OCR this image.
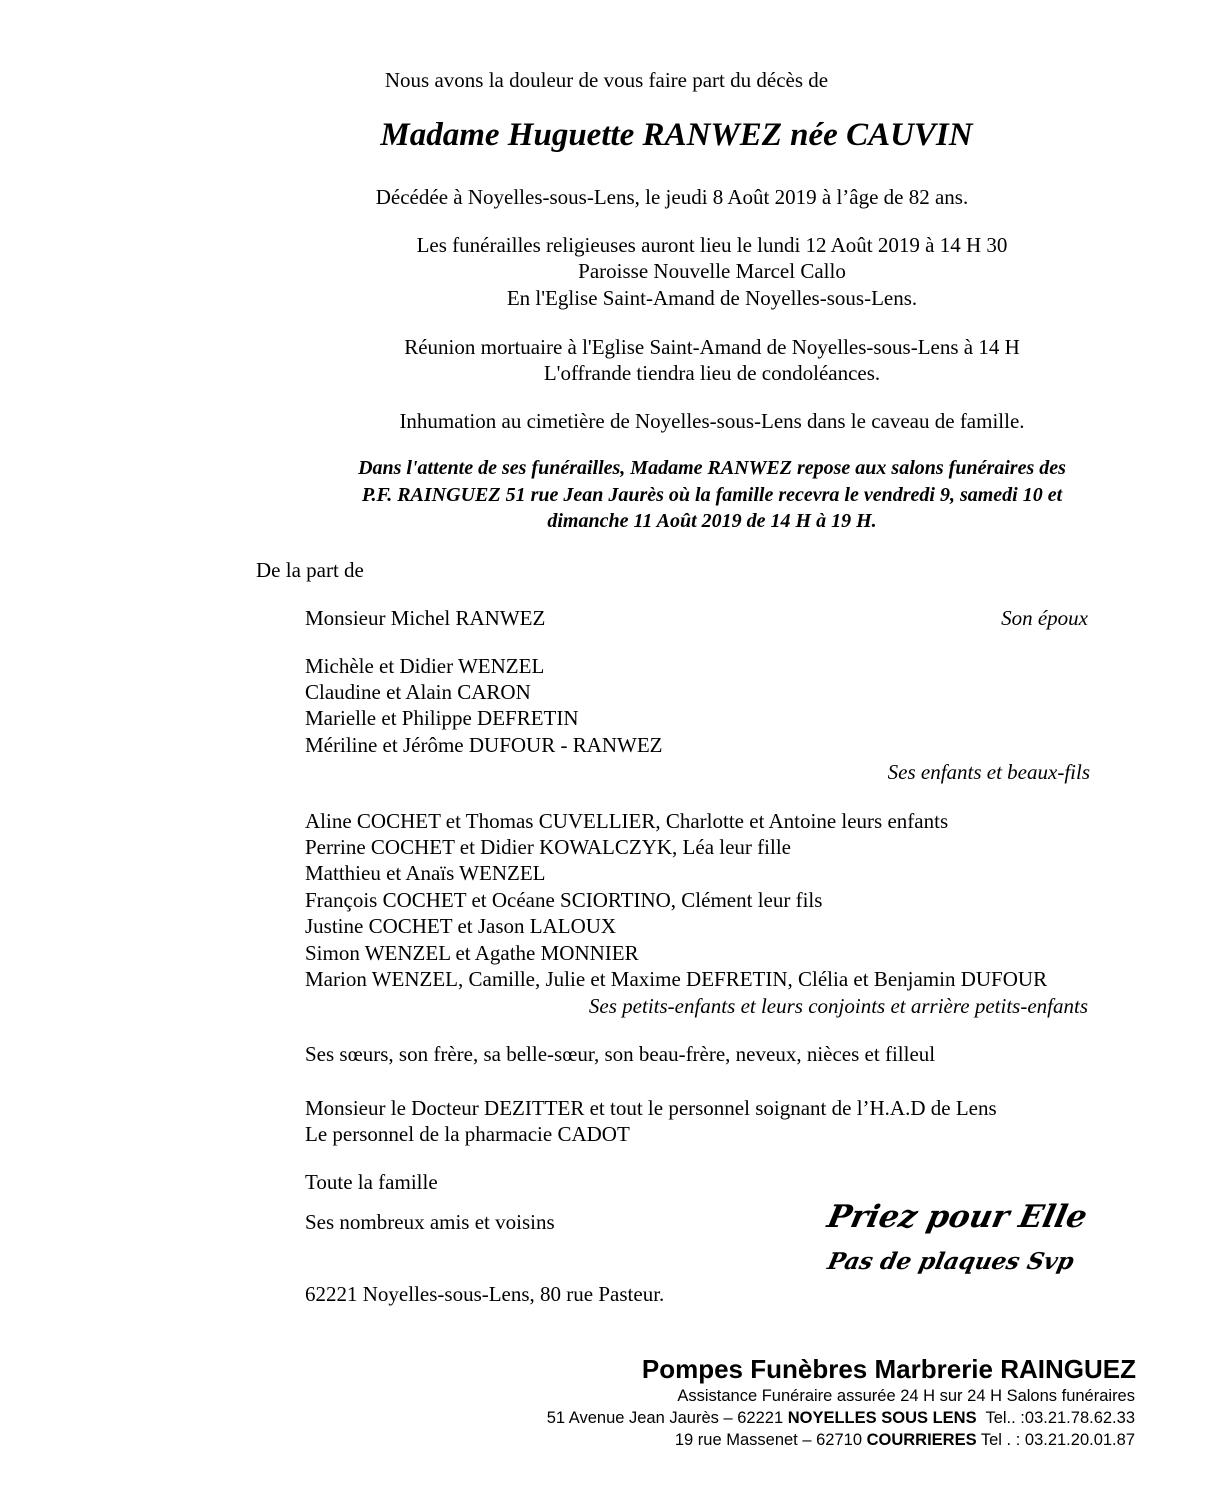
Nous avons la douleur de vous faire part du décès de
Madame Huguette RANWEZ née CAUVIN
Décédée à Noyelles-sous-Lens, le jeudi 8 Août 2019 à l’âge de 82 ans.
Les funérailles religieuses auront lieu le lundi 12 Août 2019 à 14 H 30
Paroisse Nouvelle Marcel Callo
En l'Eglise Saint-Amand de Noyelles-sous-Lens.
Réunion mortuaire à l'Eglise Saint-Amand de Noyelles-sous-Lens à 14 H
L'offrande tiendra lieu de condoléances.
Inhumation au cimetière de Noyelles-sous-Lens dans le caveau de famille.
Dans l'attente de ses funérailles, Madame RANWEZ repose aux salons funéraires des
P.F. RAINGUEZ 51 rue Jean Jaurès où la famille recevra le vendredi 9, samedi 10 et
dimanche 11 Août 2019 de 14 H à 19 H.
De la part de
Monsieur Michel RANWEZ	Son époux
Michèle et Didier WENZEL
Claudine et Alain CARON
Marielle et Philippe DEFRETIN
Mériline et Jérôme DUFOUR - RANWEZ
Ses enfants et beaux-fils
Aline COCHET et Thomas CUVELLIER, Charlotte et Antoine leurs enfants
Perrine COCHET et Didier KOWALCZYK, Léa leur fille
Matthieu et Anaïs WENZEL
François COCHET et Océane SCIORTINO, Clément leur fils
Justine COCHET et Jason LALOUX
Simon WENZEL et Agathe MONNIER
Marion WENZEL, Camille, Julie et Maxime DEFRETIN, Clélia et Benjamin DUFOUR
Ses petits-enfants et leurs conjoints et arrière petits-enfants
Ses sœurs, son frère, sa belle-sœur, son beau-frère, neveux, nièces et filleul
Monsieur le Docteur DEZITTER et tout le personnel soignant de l’H.A.D de Lens
Le personnel de la pharmacie CADOT
Toute la famille
Ses nombreux amis et voisins	Priez pour Elle
Pas de plaques Svp
62221 Noyelles-sous-Lens, 80 rue Pasteur.
Pompes Funèbres Marbrerie RAINGUEZ
Assistance Funéraire assurée 24 H sur 24 H Salons funéraires
51 Avenue Jean Jaurès – 62221 NOYELLES SOUS LENS  Tel.. :03.21.78.62.33
19 rue Massenet – 62710 COURRIERES Tel . : 03.21.20.01.87
